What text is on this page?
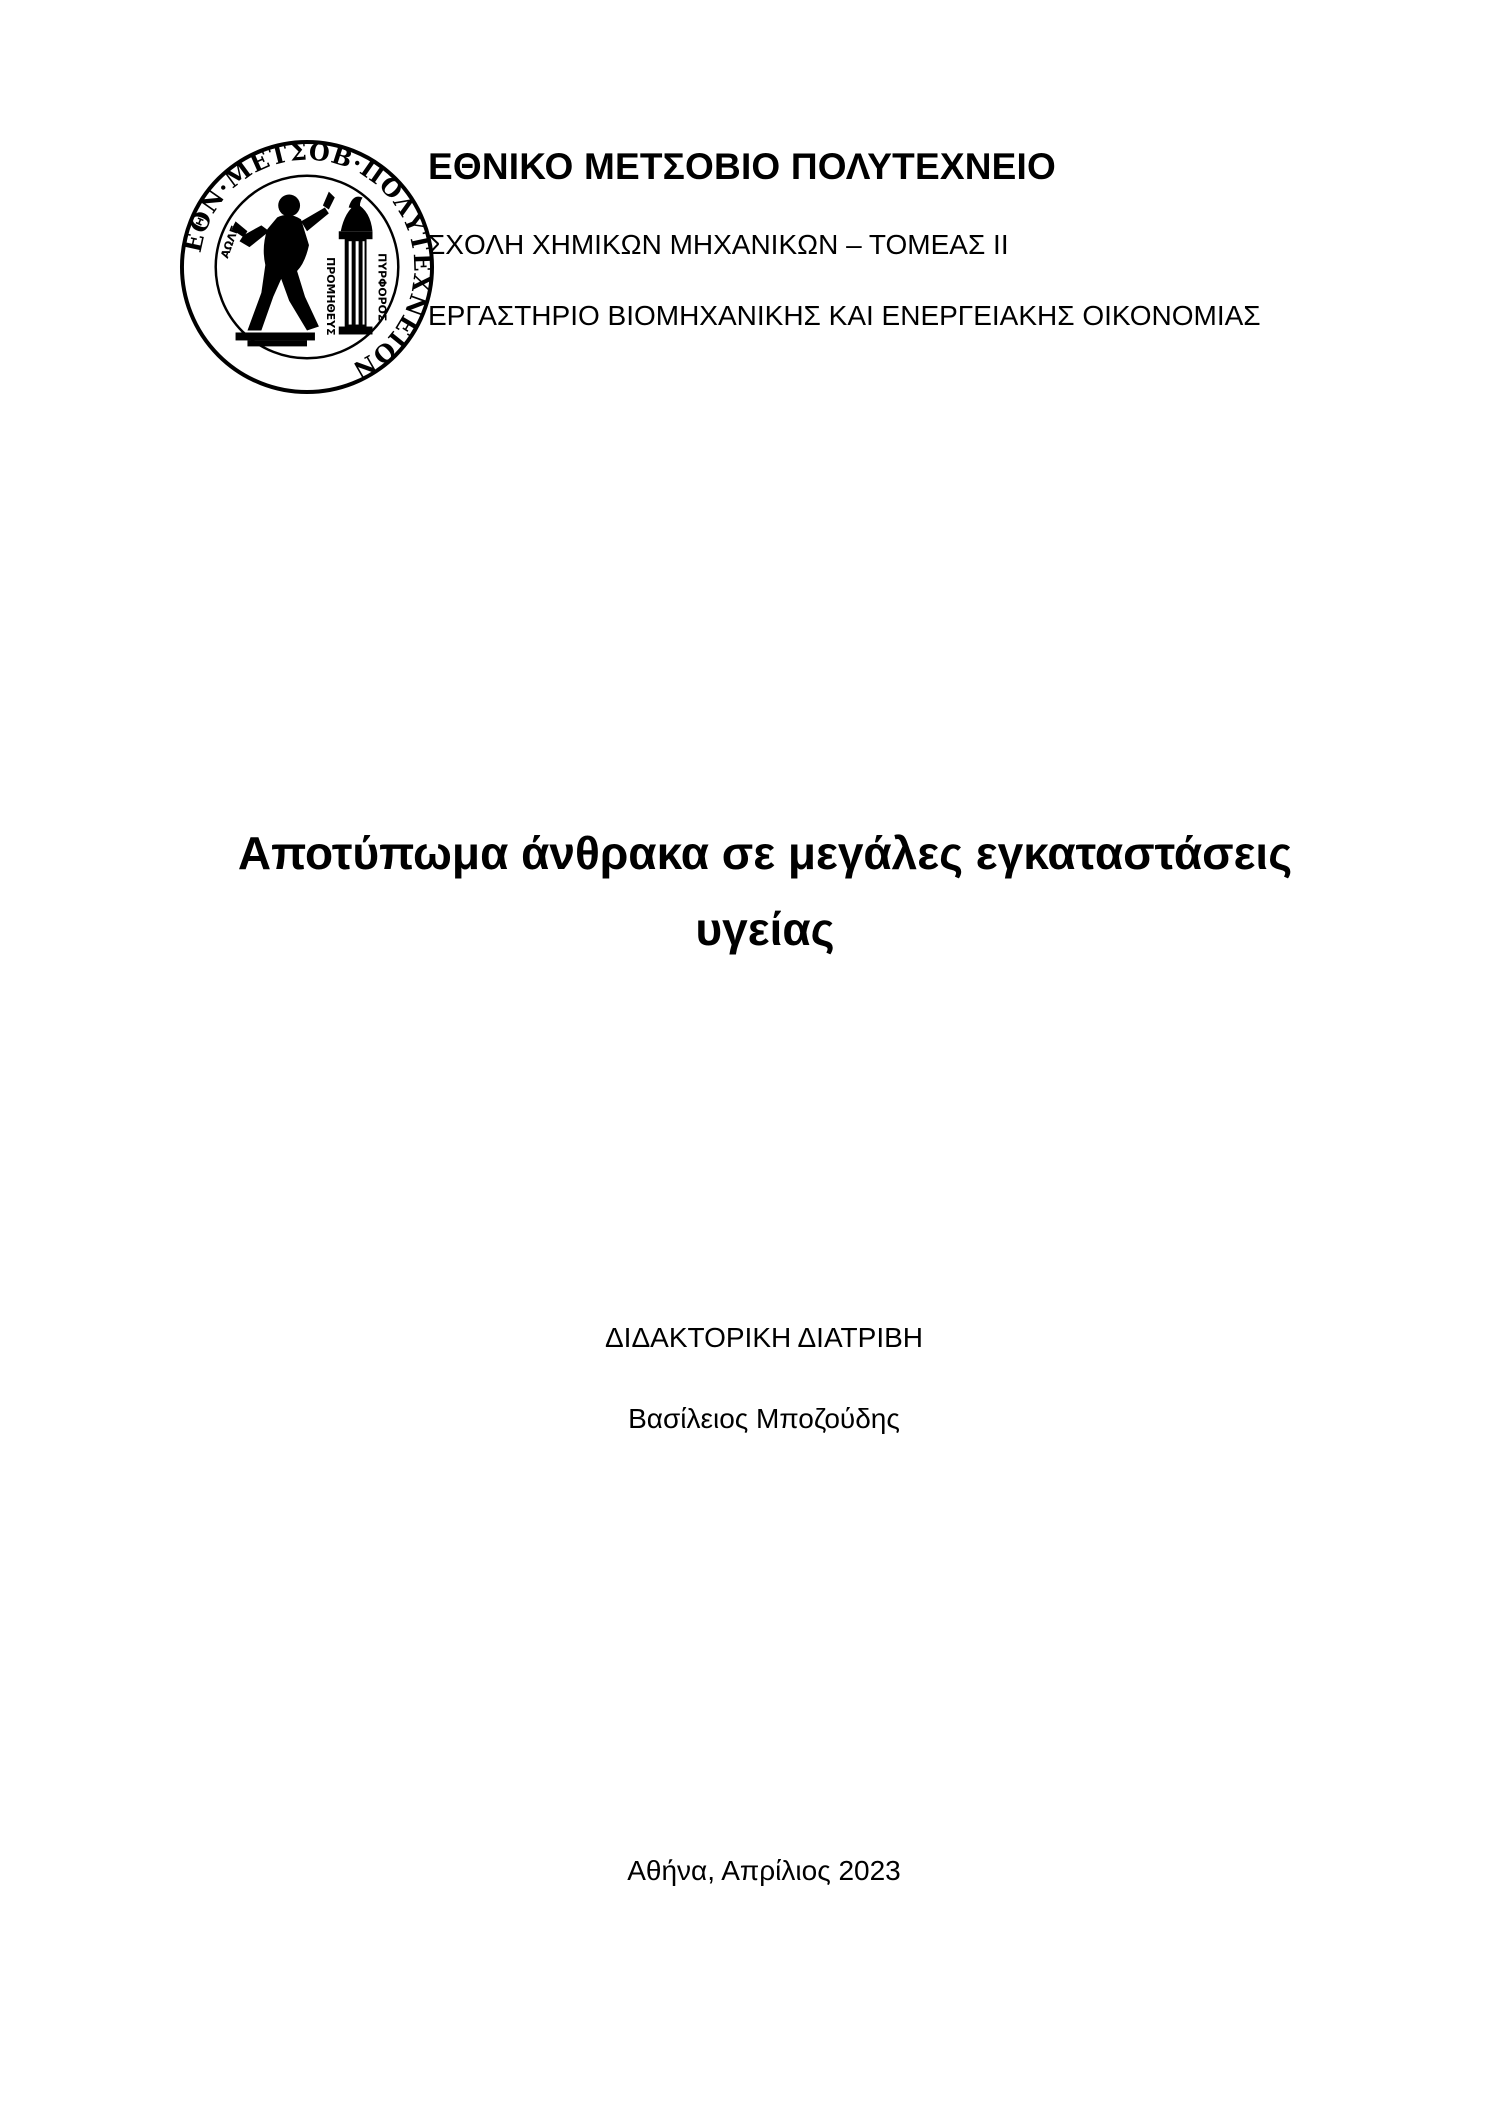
ΕΘΝ·ΜΕΤΣΟΒ·ΠΟΛΥΤΕΧΝΕΙΟΝ
ΠΡΟΜΗΘΕΥΣ	ΠΥΡΦΟΡΟΣ
ΑΩΛΓ
ΕΘΝΙΚΟ ΜΕΤΣΟΒΙΟ ΠΟΛΥΤΕΧΝΕΙΟ
ΣΧΟΛΗ ΧΗΜΙΚΩΝ ΜΗΧΑΝΙΚΩΝ – ΤΟΜΕΑΣ ΙΙ
ΕΡΓΑΣΤΗΡΙΟ ΒΙΟΜΗΧΑΝΙΚΗΣ ΚΑΙ ΕΝΕΡΓΕΙΑΚΗΣ ΟΙΚΟΝΟΜΙΑΣ
Αποτύπωμα άνθρακα σε μεγάλες εγκαταστάσεις
υγείας
ΔΙΔΑΚΤΟΡΙΚΗ ΔΙΑΤΡΙΒΗ
Βασίλειος Μποζούδης
Αθήνα, Απρίλιος 2023
